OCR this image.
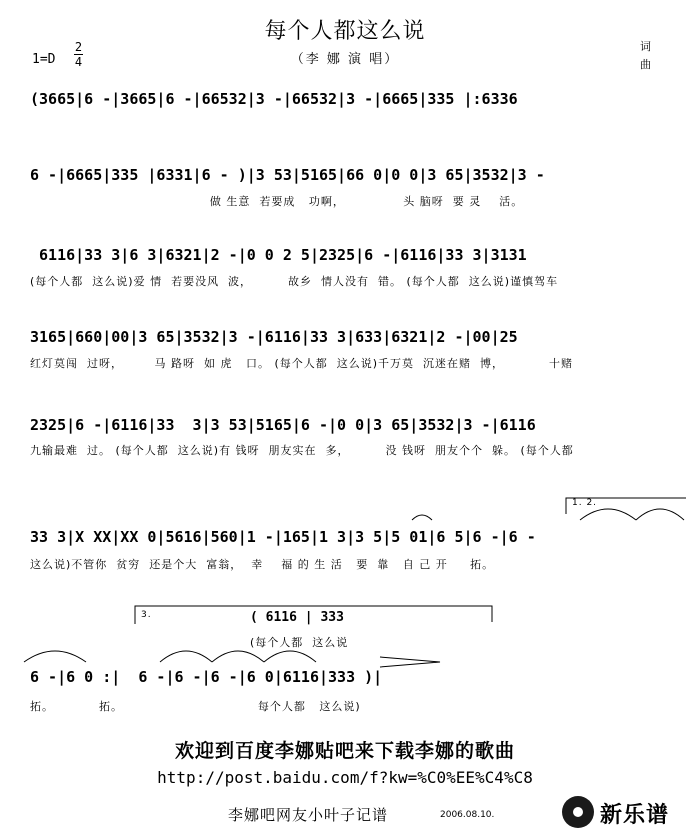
每个人都这么说
（李 娜 演 唱）
1=D
2
4
词
曲
(3665|6 -|3665|6 -|66532|3 -|66532|3 -|6665|335 |:6336
6 -|6665|335 |6331|6 - )|3 53|5165|66 0|0 0|3 65|3532|3 -
做 生意  若要成   功啊，             头 脑呀  要 灵    活。
6116|33 3|6 3|6321|2 -|0 0 2 5|2325|6 -|6116|33 3|3131
(每个人都  这么说)爱 情  若要没风  波，        故乡  情人没有  错。 (每个人都  这么说)谨慎驾车
3165|660|00|3 65|3532|3 -|6116|33 3|633|6321|2 -|00|25
红灯莫闯  过呀，       马 路呀  如 虎   口。 (每个人都  这么说)千万莫  沉迷在赌  博，          十赌
2325|6 -|6116|33  3|3 53|5165|6 -|0 0|3 65|3532|3 -|6116
九输最难  过。 (每个人都  这么说)有 钱呀  朋友实在  多，        没 钱呀  朋友个个  躲。 (每个人都
1. 2.
33 3|X XX|XX 0|5616|560|1 -|165|1 3|3 5|5 01|6 5|6 -|6 -
这么说)不管你  贫穷  还是个大  富翁，  幸    福 的 生 活   要  靠   自 己 开     拓。
3.	( 6116 | 333
(每个人都  这么说
6 -|6 0 :|  6 -|6 -|6 -|6 0|6116|333 )|
拓。          拓。                              每个人都   这么说)
欢迎到百度李娜贴吧来下载李娜的歌曲
http://post.baidu.com/f?kw=%C0%EE%C4%C8
李娜吧网友小叶子记谱	2006.08.10.	新乐谱
